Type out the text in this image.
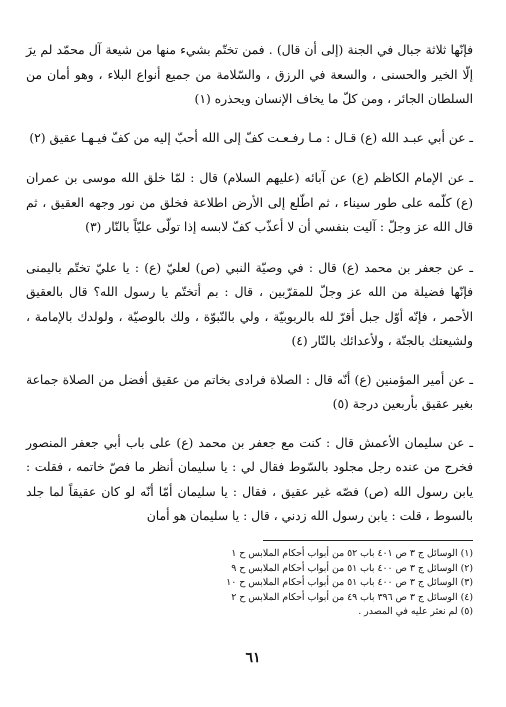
فإنّها ثلاثة جبال في الجنة (إلى أن قال) . فمن تختّم بشيء منها من شيعة آل محمّد لم يرَ إلّا الخير والحسنى ، والسعة في الرزق ، والسّلامة من جميع أنواع البلاء ، وهو أمان من السلطان الجائر ، ومن كلّ ما يخاف الإنسان ويحذره (١)

ـ عن أبي عبـد الله (ع) قـال : مـا رفـعـت كفّ إلى الله أحبّ إليه من كفّ فيـهـا عقيق (٢)

ـ عن الإمام الكاظم (ع) عن آبائه (عليهم السلام) قال : لمّا خلق الله موسى بن عمران (ع) كلّمه على طور سيناء ، ثم اطّلع إلى الأرض اطلاعة فخلق من نور وجهه العقيق ، ثم قال الله عز وجلّ : آليت بنفسي أن لا أعذّب كفّ لابسه إذا تولّى عليّاً بالنّار (٣)

ـ عن جعفر بن محمد (ع) قال : في وصيّة النبي (ص) لعليّ (ع) : يا عليّ تختّم باليمنى فإنّها فضيلة من الله عز وجلّ للمقرّبين ، قال : بم أتختّم يا رسول الله؟ قال بالعقيق الأحمر ، فإنّه أوّل جبل أقرّ لله بالربوبيّة ، ولي بالنّبوّة ، ولك بالوصيّة ، ولولدك بالإمامة ، ولشيعتك بالجنّة ، ولأعدائك بالنّار (٤)

ـ عن أمير المؤمنين (ع) أنّه قال : الصلاة فرادى بخاتم من عقيق أفضل من الصلاة جماعة بغير عقيق بأربعين درجة (٥)

ـ عن سليمان الأعمش قال : كنت مع جعفر بن محمد (ع) على باب أبي جعفر المنصور فخرج من عنده رجل مجلود بالسّوط فقال لي : يا سليمان أنظر ما فصّ خاتمه ، فقلت : يابن رسول الله (ص) فصّه غير عقيق ، فقال : يا سليمان أمّا أنّه لو كان عقيقاً لما جلد بالسوط ، قلت : يابن رسول الله زدني ، قال : يا سليمان هو أمان

(١) الوسائل ج ٣ ص ٤٠١ باب ٥٢ من أبواب أحكام الملابس ح ١
(٢) الوسائل ج ٣ ص ٤٠٠ باب ٥١ من أبواب أحكام الملابس ح ٩
(٣) الوسائل ج ٣ ص ٤٠٠ باب ٥١ من أبواب أحكام الملابس ح ١٠
(٤) الوسائل ج ٣ ص ٣٩٦ باب ٤٩ من أبواب أحكام الملابس ح ٢
(٥) لم نعثر عليه في المصدر .
٦١
